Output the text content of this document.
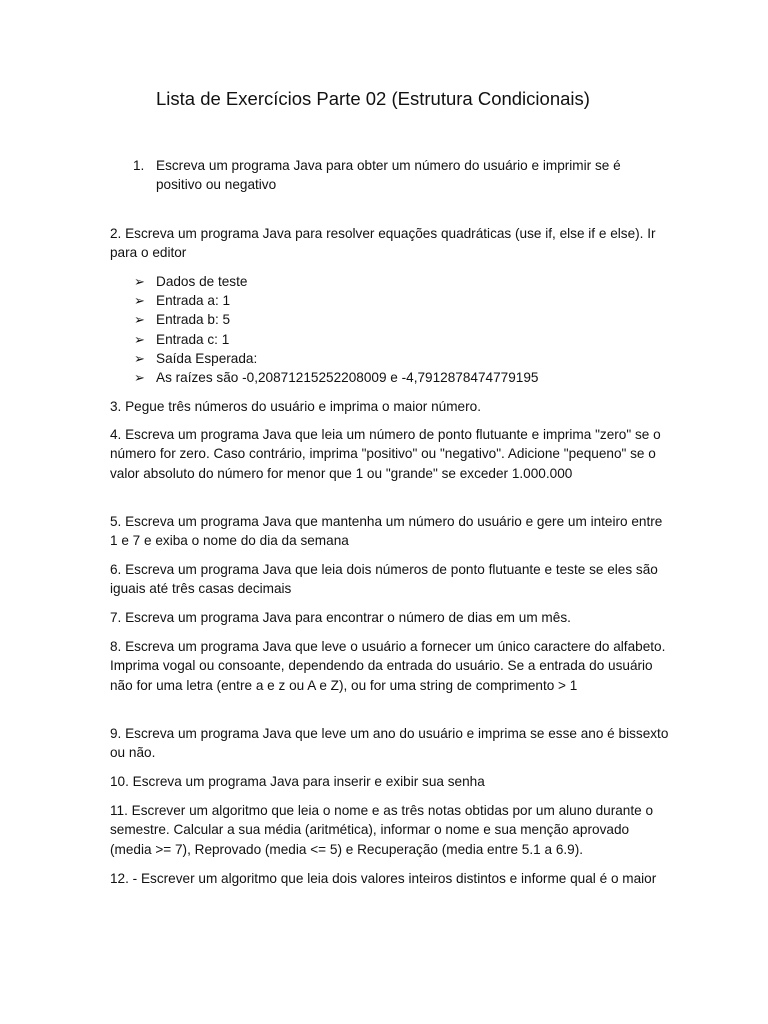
Lista de Exercícios Parte 02 (Estrutura Condicionais)
1. Escreva um programa Java para obter um número do usuário e imprimir se é positivo ou negativo
2. Escreva um programa Java para resolver equações quadráticas (use if, else if e else). Ir para o editor
➢ Dados de teste
➢ Entrada a: 1
➢ Entrada b: 5
➢ Entrada c: 1
➢ Saída Esperada:
➢ As raízes são -0,20871215252208009 e -4,7912878474779195
3. Pegue três números do usuário e imprima o maior número.
4. Escreva um programa Java que leia um número de ponto flutuante e imprima "zero" se o número for zero. Caso contrário, imprima "positivo" ou "negativo". Adicione "pequeno" se o valor absoluto do número for menor que 1 ou "grande" se exceder 1.000.000
5. Escreva um programa Java que mantenha um número do usuário e gere um inteiro entre 1 e 7 e exiba o nome do dia da semana
6. Escreva um programa Java que leia dois números de ponto flutuante e teste se eles são iguais até três casas decimais
7. Escreva um programa Java para encontrar o número de dias em um mês.
8. Escreva um programa Java que leve o usuário a fornecer um único caractere do alfabeto. Imprima vogal ou consoante, dependendo da entrada do usuário. Se a entrada do usuário não for uma letra (entre a e z ou A e Z), ou for uma string de comprimento > 1
9. Escreva um programa Java que leve um ano do usuário e imprima se esse ano é bissexto ou não.
10. Escreva um programa Java para inserir e exibir sua senha
11. Escrever um algoritmo que leia o nome e as três notas obtidas por um aluno durante o semestre. Calcular a sua média (aritmética), informar o nome e sua menção aprovado (media >= 7), Reprovado (media <= 5) e Recuperação (media entre 5.1 a 6.9).
12. - Escrever um algoritmo que leia dois valores inteiros distintos e informe qual é o maior
